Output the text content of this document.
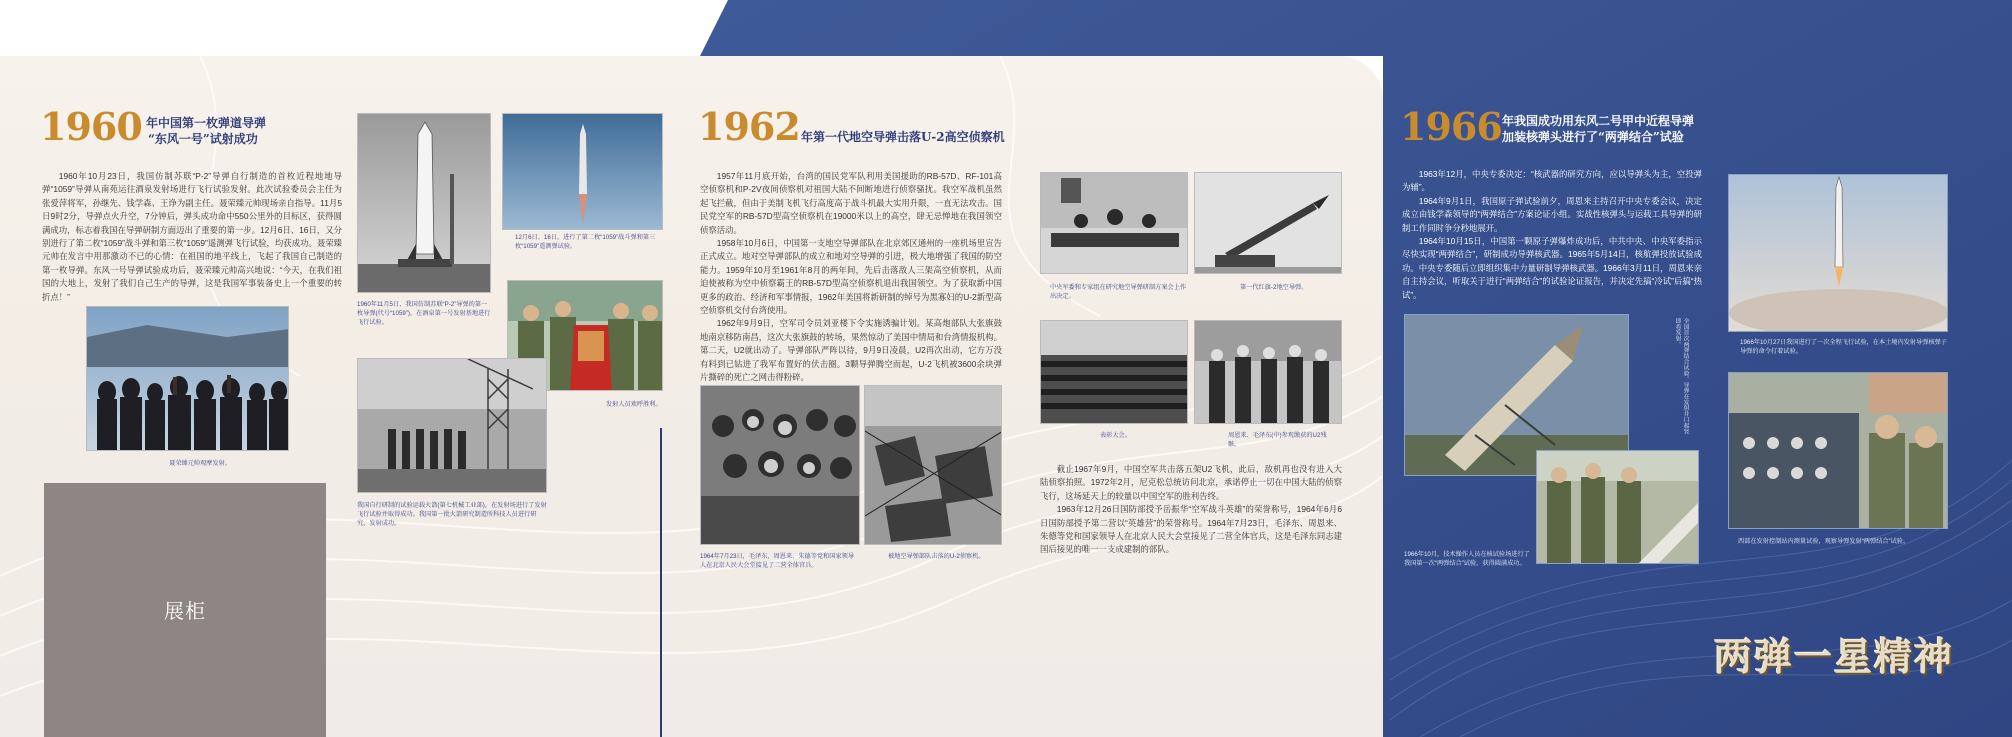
1960 年中国第一枚弹道导弹
“东风一号”试射成功

1960年10月23日，我国仿制苏联“P-2”导弹自行制造的首枚近程地地导弹“1059”导弹从南苑运往酒泉发射场进行飞行试验发射。此次试验委员会主任为张爱萍将军，孙继先、钱学森、王诤为副主任。聂荣臻元帅现场亲自指导。11月5日9时2分，导弹点火升空，7分钟后，弹头成功命中550公里外的目标区，获得圆满成功，标志着我国在导弹研制方面迈出了重要的第一步。12月6日、16日，又分别进行了第二枚“1059”战斗弹和第三枚“1059”遥测弹飞行试验，均获成功。聂荣臻元帅在发言中用那激动不已的心情：在祖国的地平线上，飞起了我国自己制造的第一枚导弹。东风一号导弹试验成功后，聂荣臻元帅高兴地说：“今天，在我们祖国的大地上，发射了我们自己生产的导弹，这是我国军事装备史上一个重要的转折点！”

聂荣臻元帅观摩发射。
1960年11月5日，我国仿制苏联“P-2”导弹的第一枚导弹(代号“1059”)，在酒泉第一号发射基地进行飞行试验。
12月6日、16日，进行了第二枚“1059”战斗弹和第三枚“1059”遥测弹试验。
发射人员欢呼胜利。
我国自行研制的试验运载火箭(第七机械工业部)，在发射场进行了发射飞行试验并取得成功。我国第一批火箭研究制造所科技人员进行研究，发射成功。
展柜
1962 年第一代地空导弹击落U-2高空侦察机

1957年11月底开始，台湾的国民党军队利用美国援助的RB-57D、RF-101高空侦察机和P-2V夜间侦察机对祖国大陆不间断地进行侦察骚扰。我空军战机虽然起飞拦截，但由于美制飞机飞行高度高于战斗机最大实用升限，一直无法攻击。国民党空军的RB-57D型高空侦察机在19000米以上的高空，肆无忌惮地在我国领空侦察活动。

1958年10月6日，中国第一支地空导弹部队在北京郊区通州的一座机场里宣告正式成立。地对空导弹部队的成立和地对空导弹的引进，极大地增强了我国的防空能力。1959年10月至1961年8月的两年间，先后击落敌人三架高空侦察机，从而迫使被称为空中侦察霸王的RB-57D型高空侦察机退出我国领空。为了获取新中国更多的政治、经济和军事情报，1962年美国将新研制的绰号为黑寡妇的U-2新型高空侦察机交付台湾使用。

1962年9月9日，空军司令员刘亚楼下令实施诱骗计划。某高炮部队大张旗鼓地南京移防南昌，这次大张旗鼓的转场，果然惊动了美国中情局和台湾情报机构。第二天，U2就出动了。导弹部队严阵以待，9月9日凌晨，U2再次出动，它方万没有料到已钻进了我军布置好的伏击圈。3颗导弹腾空而起，U-2飞机被3600余块弹片撕碎的死亡之网击得粉碎。

1964年7月23日，毛泽东、周恩来、朱德等党和国家领导人在北京人民大会堂接见了二营全体官兵。
被地空导弹部队击落的U-2侦察机。
中央军委和专家组在研究地空导弹研制方案会上作出决定。
第一代红旗-2地空导弹。
表彰大会。	周恩来、毛泽东(中)参观缴获的U2残骸。

截止1967年9月，中国空军共击落五架U2飞机，此后，敌机再也没有进入大陆侦察拍照。1972年2月，尼克松总统访问北京，承诺停止一切在中国大陆的侦察飞行，这场延天上的较量以中国空军的胜利告终。

1963年12月26日国防部授予岳振华“空军战斗英雄”的荣誉称号，1964年6月6日国防部授予第二营以“英雄营”的荣誉称号。1964年7月23日，毛泽东、周恩来、朱德等党和国家领导人在北京人民大会堂接见了二营全体官兵，这是毛泽东同志建国后接见的唯一一支成建制的部队。

1966 年我国成功用东风二号甲中近程导弹
加装核弹头进行了“两弹结合”试验

1963年12月，中央专委决定：“核武器的研究方向，应以导弹头为主，空投弹为辅”。

1964年9月1日，我国原子弹试验前夕，周恩来主持召开中央专委会议，决定成立由钱学森领导的“两弹结合”方案论证小组。实战性核弹头与运载工具导弹的研制工作同时争分秒地展开。

1964年10月15日，中国第一颗原子弹爆炸成功后，中共中央、中央军委指示尽快实现“两弹结合”，研制成功导弹核武器。1965年5月14日，核航弹投放试验成功。中央专委随后立即组织集中力量研制导弹核武器。1966年3月11日，周恩来亲自主持会议，听取关于进行“两弹结合”的试验论证报告，并决定先搞“冷试”后搞“热试”。

1966年10月27日我国进行了一次全程飞行试验，在本土境内发射导弹核弹子导弹的命令打着试验。
全国首次两弹结合试验。导弹在发射井口起竖即将发射。
1966年10月，技术操作人员在核试验场进行了我国第一次“两弹结合”试验，获得圆满成功。
西部在发射控制站内测量试验，观察导弹发射“两弹结合”试验。
两弹一星精神
